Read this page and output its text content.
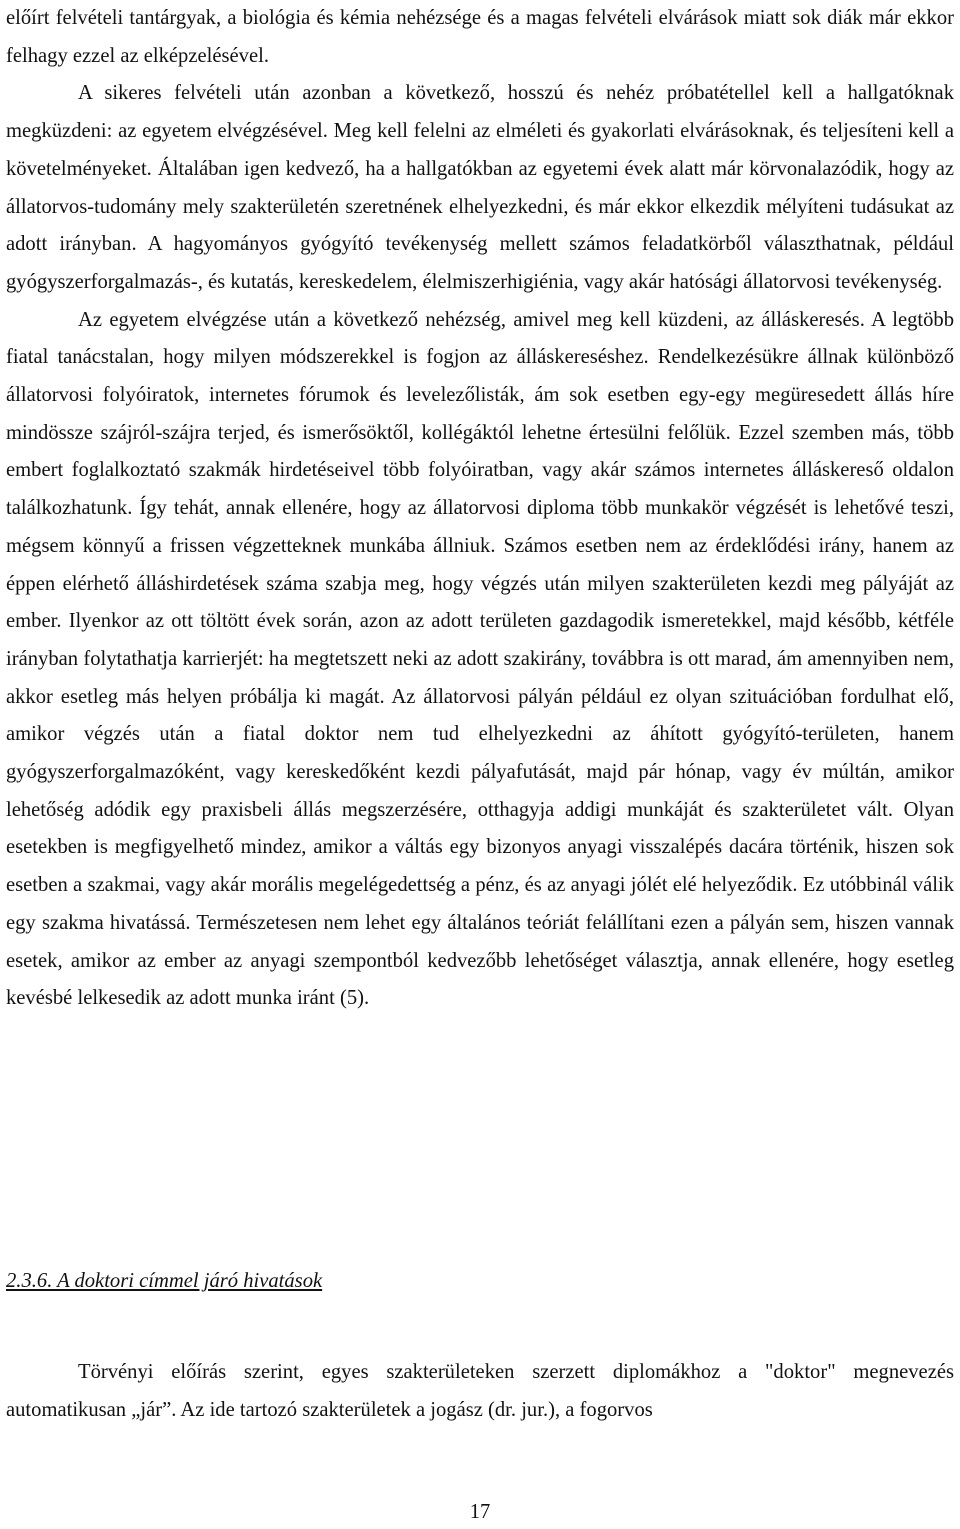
előírt felvételi tantárgyak, a biológia és kémia nehézsége és a magas felvételi elvárások miatt sok diák már ekkor felhagy ezzel az elképzelésével.

A sikeres felvételi után azonban a következő, hosszú és nehéz próbatétellel kell a hallgatóknak megküzdeni: az egyetem elvégzésével. Meg kell felelni az elméleti és gyakorlati elvárásoknak, és teljesíteni kell a követelményeket. Általában igen kedvező, ha a hallgatókban az egyetemi évek alatt már körvonalazódik, hogy az állatorvos-tudomány mely szakterületén szeretnének elhelyezkedni, és már ekkor elkezdik mélyíteni tudásukat az adott irányban. A hagyományos gyógyító tevékenység mellett számos feladatkörből választhatnak, például gyógyszerforgalmazás-, és kutatás, kereskedelem, élelmiszerhigiénia, vagy akár hatósági állatorvosi tevékenység.

Az egyetem elvégzése után a következő nehézség, amivel meg kell küzdeni, az álláskeresés. A legtöbb fiatal tanácstalan, hogy milyen módszerekkel is fogjon az álláskereséshez. Rendelkezésükre állnak különböző állatorvosi folyóiratok, internetes fórumok és levelezőlisták, ám sok esetben egy-egy megüresedett állás híre mindössze szájról-szájra terjed, és ismerősöktől, kollégáktól lehetne értesülni felőlük. Ezzel szemben más, több embert foglalkoztató szakmák hirdetéseivel több folyóiratban, vagy akár számos internetes álláskereső oldalon találkozhatunk. Így tehát, annak ellenére, hogy az állatorvosi diploma több munkakör végzését is lehetővé teszi, mégsem könnyű a frissen végzetteknek munkába állniuk. Számos esetben nem az érdeklődési irány, hanem az éppen elérhető álláshirdetések száma szabja meg, hogy végzés után milyen szakterületen kezdi meg pályáját az ember. Ilyenkor az ott töltött évek során, azon az adott területen gazdagodik ismeretekkel, majd később, kétféle irányban folytathatja karrierjét: ha megtetszett neki az adott szakirány, továbbra is ott marad, ám amennyiben nem, akkor esetleg más helyen próbálja ki magát. Az állatorvosi pályán például ez olyan szituációban fordulhat elő, amikor végzés után a fiatal doktor nem tud elhelyezkedni az áhított gyógyító-területen, hanem gyógyszerforgalmazóként, vagy kereskedőként kezdi pályafutását, majd pár hónap, vagy év múltán, amikor lehetőség adódik egy praxisbeli állás megszerzésére, otthagyja addigi munkáját és szakterületet vált. Olyan esetekben is megfigyelhető mindez, amikor a váltás egy bizonyos anyagi visszalépés dacára történik, hiszen sok esetben a szakmai, vagy akár morális megelégedettség a pénz, és az anyagi jólét elé helyeződik. Ez utóbbinál válik egy szakma hivatássá. Természetesen nem lehet egy általános teóriát felállítani ezen a pályán sem, hiszen vannak esetek, amikor az ember az anyagi szempontból kedvezőbb lehetőséget választja, annak ellenére, hogy esetleg kevésbé lelkesedik az adott munka iránt (5).

2.3.6. A doktori címmel járó hivatások

Törvényi előírás szerint, egyes szakterületeken szerzett diplomákhoz a "doktor" megnevezés automatikusan „jár”. Az ide tartozó szakterületek a jogász (dr. jur.), a fogorvos

17
